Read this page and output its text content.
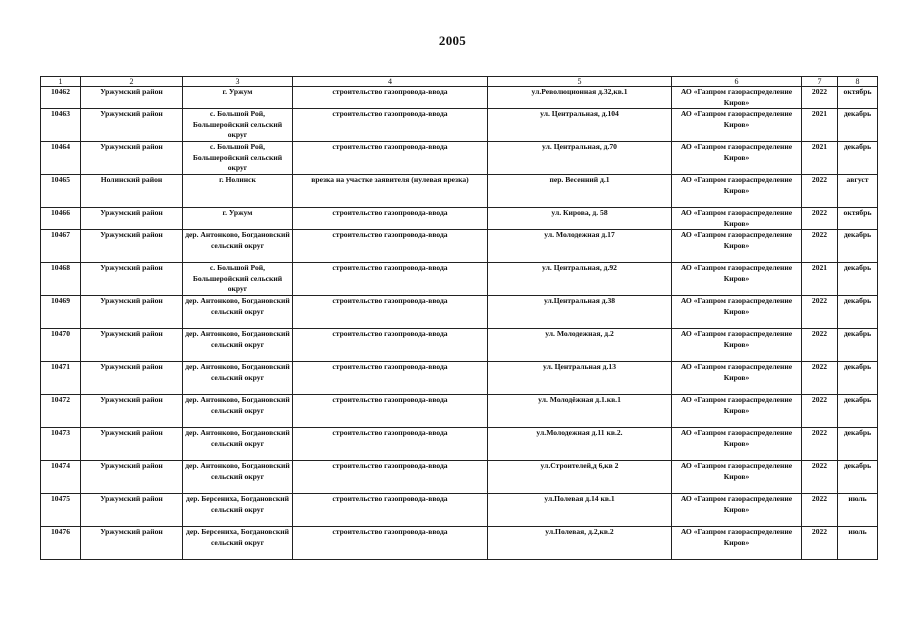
2005
1	2	3	4	5	6	7	8
10462	Уржумский район	г. Уржум	строительство газопровода-ввода	ул.Революционная д.32,кв.1	АО «Газпром газораспределение Киров»	2022	октябрь
10463	Уржумский район	с. Большой Рой, Большеройский сельский округ	строительство газопровода-ввода	ул. Центральная, д.104	АО «Газпром газораспределение Киров»	2021	декабрь
10464	Уржумский район	с. Большой Рой, Большеройский сельский округ	строительство газопровода-ввода	ул. Центральная, д.70	АО «Газпром газораспределение Киров»	2021	декабрь
10465	Нолинский район	г. Нолинск	врезка на участке заявителя (нулевая врезка)	пер. Весенний д.1	АО «Газпром газораспределение Киров»	2022	август
10466	Уржумский район	г. Уржум	строительство газопровода-ввода	ул. Кирова, д. 58	АО «Газпром газораспределение Киров»	2022	октябрь
10467	Уржумский район	дер. Антонково, Богдановский сельский округ	строительство газопровода-ввода	ул. Молодежная д.17	АО «Газпром газораспределение Киров»	2022	декабрь
10468	Уржумский район	с. Большой Рой, Большеройский сельский округ	строительство газопровода-ввода	ул. Центральная, д.92	АО «Газпром газораспределение Киров»	2021	декабрь
10469	Уржумский район	дер. Антонково, Богдановский сельский округ	строительство газопровода-ввода	ул.Центральная д.38	АО «Газпром газораспределение Киров»	2022	декабрь
10470	Уржумский район	дер. Антонково, Богдановский сельский округ	строительство газопровода-ввода	ул. Молодежная, д.2	АО «Газпром газораспределение Киров»	2022	декабрь
10471	Уржумский район	дер. Антонково, Богдановский сельский округ	строительство газопровода-ввода	ул. Центральная д.13	АО «Газпром газораспределение Киров»	2022	декабрь
10472	Уржумский район	дер. Антонково, Богдановский сельский округ	строительство газопровода-ввода	ул. Молодёжная д.1.кв.1	АО «Газпром газораспределение Киров»	2022	декабрь
10473	Уржумский район	дер. Антонково, Богдановский сельский округ	строительство газопровода-ввода	ул.Молодежная д.11 кв.2.	АО «Газпром газораспределение Киров»	2022	декабрь
10474	Уржумский район	дер. Антонково, Богдановский сельский округ	строительство газопровода-ввода	ул.Строителей,д 6,кв 2	АО «Газпром газораспределение Киров»	2022	декабрь
10475	Уржумский район	дер. Берсениха, Богдановский сельский округ	строительство газопровода-ввода	ул.Полевая д.14 кв.1	АО «Газпром газораспределение Киров»	2022	июль
10476	Уржумский район	дер. Берсениха, Богдановский сельский округ	строительство газопровода-ввода	ул.Полевая, д.2,кв.2	АО «Газпром газораспределение Киров»	2022	июль
